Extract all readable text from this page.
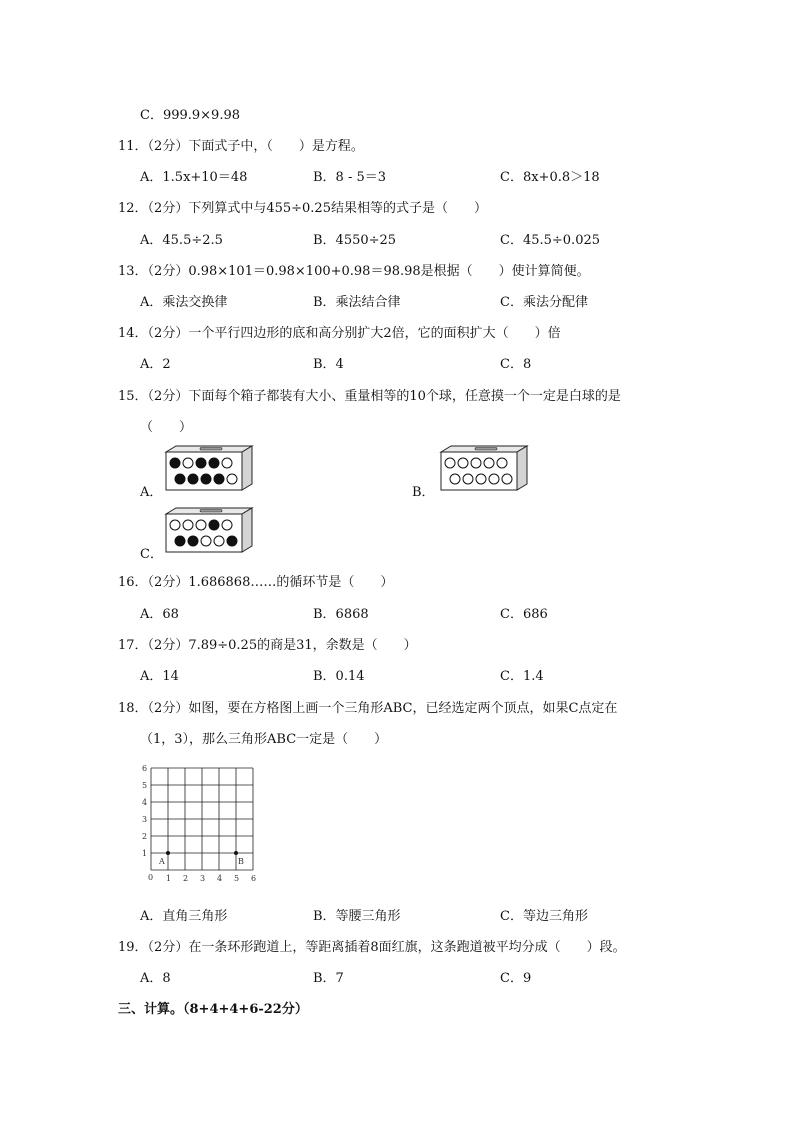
C．999.9×9.98
11．（2分）下面式子中，（　　）是方程。
A．1.5x+10＝48	B．8 - 5＝3	C．8x+0.8＞18
12．（2分）下列算式中与455÷0.25结果相等的式子是（　　）
A．45.5÷2.5	B．4550÷25	C．45.5÷0.025
13．（2分）0.98×101＝0.98×100+0.98＝98.98是根据（　　）使计算简便。
A．乘法交换律	B．乘法结合律	C．乘法分配律
14．（2分）一个平行四边形的底和高分别扩大2倍，它的面积扩大（　　）倍
A．2	B．4	C．8
15．（2分）下面每个箱子都装有大小、重量相等的10个球，任意摸一个一定是白球的是
（　　）
A．	B．
C．
16．（2分）1.686868……的循环节是（　　）
A．68	B．6868	C．686
17．（2分）7.89÷0.25的商是31，余数是（　　）
A．14	B．0.14	C．1.4
18．（2分）如图，要在方格图上画一个三角形ABC，已经选定两个顶点，如果C点定在
（1，3），那么三角形ABC一定是（　　）
0 1 2 3 4 5 6
1
2
3
4
5
6
A	B
A．直角三角形	B．等腰三角形	C．等边三角形
19．（2分）在一条环形跑道上，等距离插着8面红旗，这条跑道被平均分成（　　）段。
A．8	B．7	C．9
三、计算。（8+4+4+6-22分）
